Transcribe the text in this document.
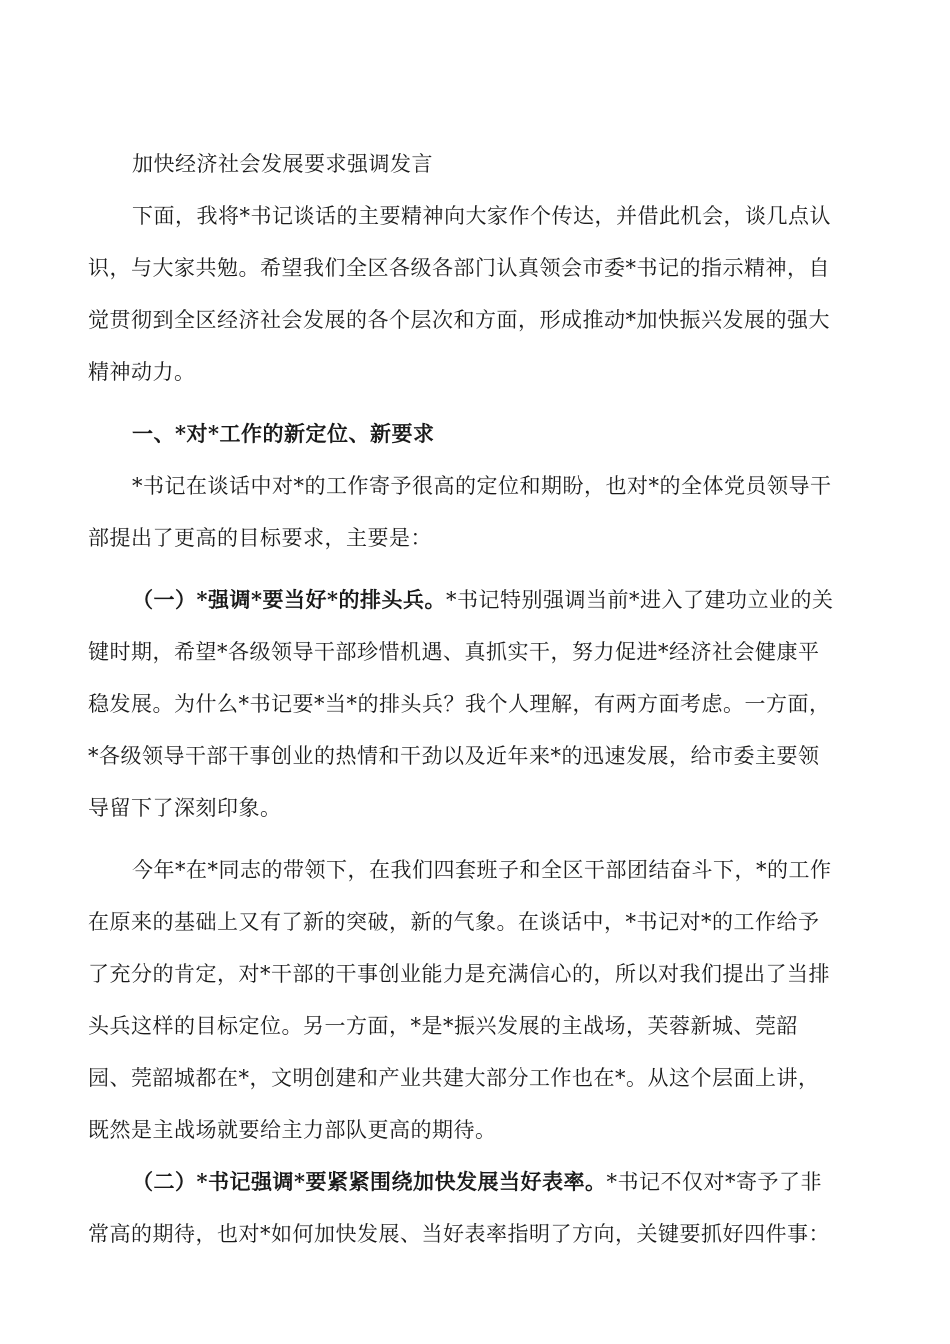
加快经济社会发展要求强调发言
下面，我将*书记谈话的主要精神向大家作个传达，并借此机会，谈几点认
识，与大家共勉。希望我们全区各级各部门认真领会市委*书记的指示精神，自
觉贯彻到全区经济社会发展的各个层次和方面，形成推动*加快振兴发展的强大
精神动力。
一、*对*工作的新定位、新要求
*书记在谈话中对*的工作寄予很高的定位和期盼，也对*的全体党员领导干
部提出了更高的目标要求，主要是：
（一）*强调*要当好*的排头兵。*书记特别强调当前*进入了建功立业的关
键时期，希望*各级领导干部珍惜机遇、真抓实干，努力促进*经济社会健康平
稳发展。为什么*书记要*当*的排头兵？我个人理解，有两方面考虑。一方面，
*各级领导干部干事创业的热情和干劲以及近年来*的迅速发展，给市委主要领
导留下了深刻印象。
今年*在*同志的带领下，在我们四套班子和全区干部团结奋斗下，*的工作
在原来的基础上又有了新的突破，新的气象。在谈话中，*书记对*的工作给予
了充分的肯定，对*干部的干事创业能力是充满信心的，所以对我们提出了当排
头兵这样的目标定位。另一方面，*是*振兴发展的主战场，芙蓉新城、莞韶
园、莞韶城都在*，文明创建和产业共建大部分工作也在*。从这个层面上讲，
既然是主战场就要给主力部队更高的期待。
（二）*书记强调*要紧紧围绕加快发展当好表率。*书记不仅对*寄予了非
常高的期待，也对*如何加快发展、当好表率指明了方向，关键要抓好四件事：
